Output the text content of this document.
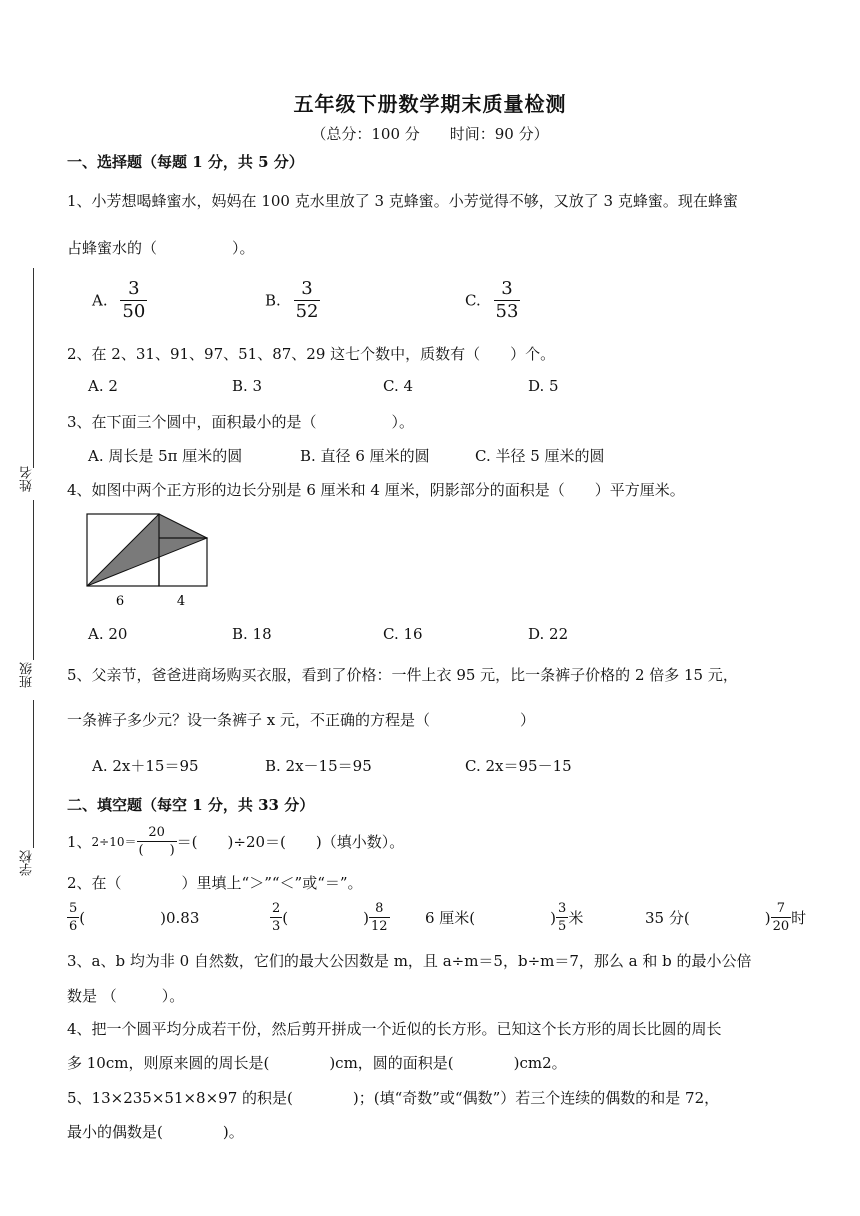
姓名
班级
学校
五年级下册数学期末质量检测
（总分：100 分　　时间：90 分）
一、选择题（每题 1 分，共 5 分）
1、小芳想喝蜂蜜水，妈妈在 100 克水里放了 3 克蜂蜜。小芳觉得不够，又放了 3 克蜂蜜。现在蜂蜜
占蜂蜜水的（　　　　　）。
A. $\frac{3}{50}$	B. $\frac{3}{52}$	C. $\frac{3}{53}$
2、在 2、31、91、97、51、87、29 这七个数中，质数有（　　）个。
A. 2	B. 3	C. 4	D. 5
3、在下面三个圆中，面积最小的是（　　　　　）。
A. 周长是 5π 厘米的圆	B. 直径 6 厘米的圆	C. 半径 5 厘米的圆
4、如图中两个正方形的边长分别是 6 厘米和 4 厘米，阴影部分的面积是（　　）平方厘米。
6	4
A. 20	B. 18	C. 16	D. 22
5、父亲节，爸爸进商场购买衣服，看到了价格：一件上衣 95 元，比一条裤子价格的 2 倍多 15 元，
一条裤子多少元？设一条裤子 x 元，不正确的方程是（　　　　　　）
A. 2x＋15＝95	B. 2x－15＝95	C. 2x＝95－15
二、填空题（每空 1 分，共 33 分）
1、$2\div 10= \frac{20}{( )}$ ＝(　　)÷20＝(　　)（填小数）。
2、在（　　　　）里填上“＞”“＜”或“＝”。
$\frac{5}{6}$ (　　　　　)0.83	$\frac{2}{3}$ (　　　　　) $\frac{8}{12} 6$ 厘米(　　　　　) $\frac{3}{5}$ 米	35 分(　　　　　) $\frac{7}{20}$ 时
3、a、b 均为非 0 自然数，它们的最大公因数是 m，且 a÷m＝5，b÷m＝7，那么 a 和 b 的最小公倍
数是 （　　　）。
4、把一个圆平均分成若干份，然后剪开拼成一个近似的长方形。已知这个长方形的周长比圆的周长
多 10cm，则原来圆的周长是(　　　　)cm，圆的面积是(　　　　)cm2。
5、13×235×51×8×97 的积是(　　　　)；(填“奇数”或“偶数”）若三个连续的偶数的和是 72，
最小的偶数是(　　　　)。
